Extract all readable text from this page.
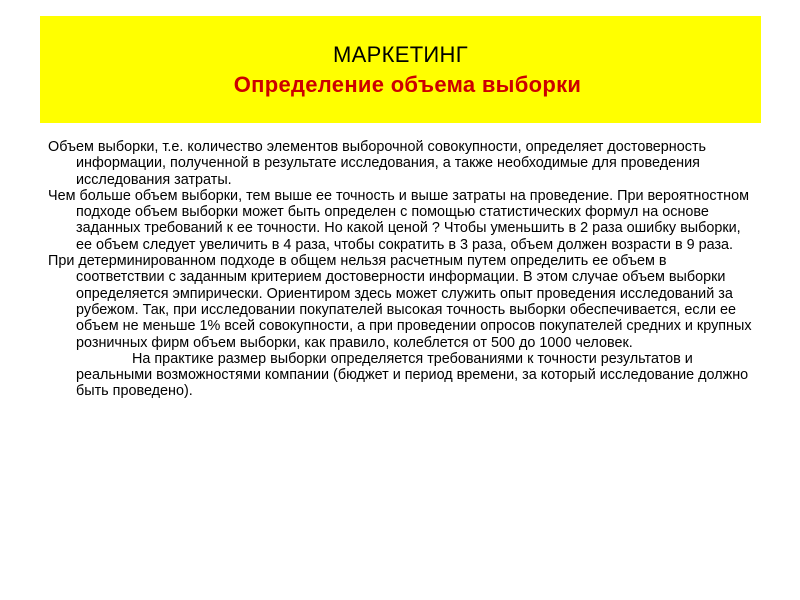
МАРКЕТИНГ
Определение объема выборки

Объем выборки, т.е. количество элементов выборочной совокупности, определяет достоверность информации, полученной в результате исследования, а также необходимые для проведения исследования затраты.

Чем больше объем выборки, тем выше ее точность и выше затраты на проведение. При вероятностном подходе объем выборки может быть определен с помощью статистических формул на основе заданных требований к ее точности. Но какой ценой ? Чтобы уменьшить в 2 раза ошибку выборки, ее объем следует увеличить в 4 раза, чтобы сократить в 3 раза, объем должен возрасти в 9 раза.

При детерминированном подходе в общем нельзя расчетным путем определить ее объем в соответствии с заданным критерием достоверности информации. В этом случае объем выборки определяется эмпирически. Ориентиром здесь может служить опыт проведения исследований за рубежом. Так, при исследовании покупателей высокая точность выборки обеспечивается, если ее объем не меньше 1% всей совокупности, а при проведении опросов покупателей средних и крупных розничных фирм объем выборки, как правило, колеблется от 500 до 1000 человек.

На практике размер выборки определяется требованиями к точности результатов и реальными возможностями компании (бюджет и период времени, за который исследование должно быть проведено).
